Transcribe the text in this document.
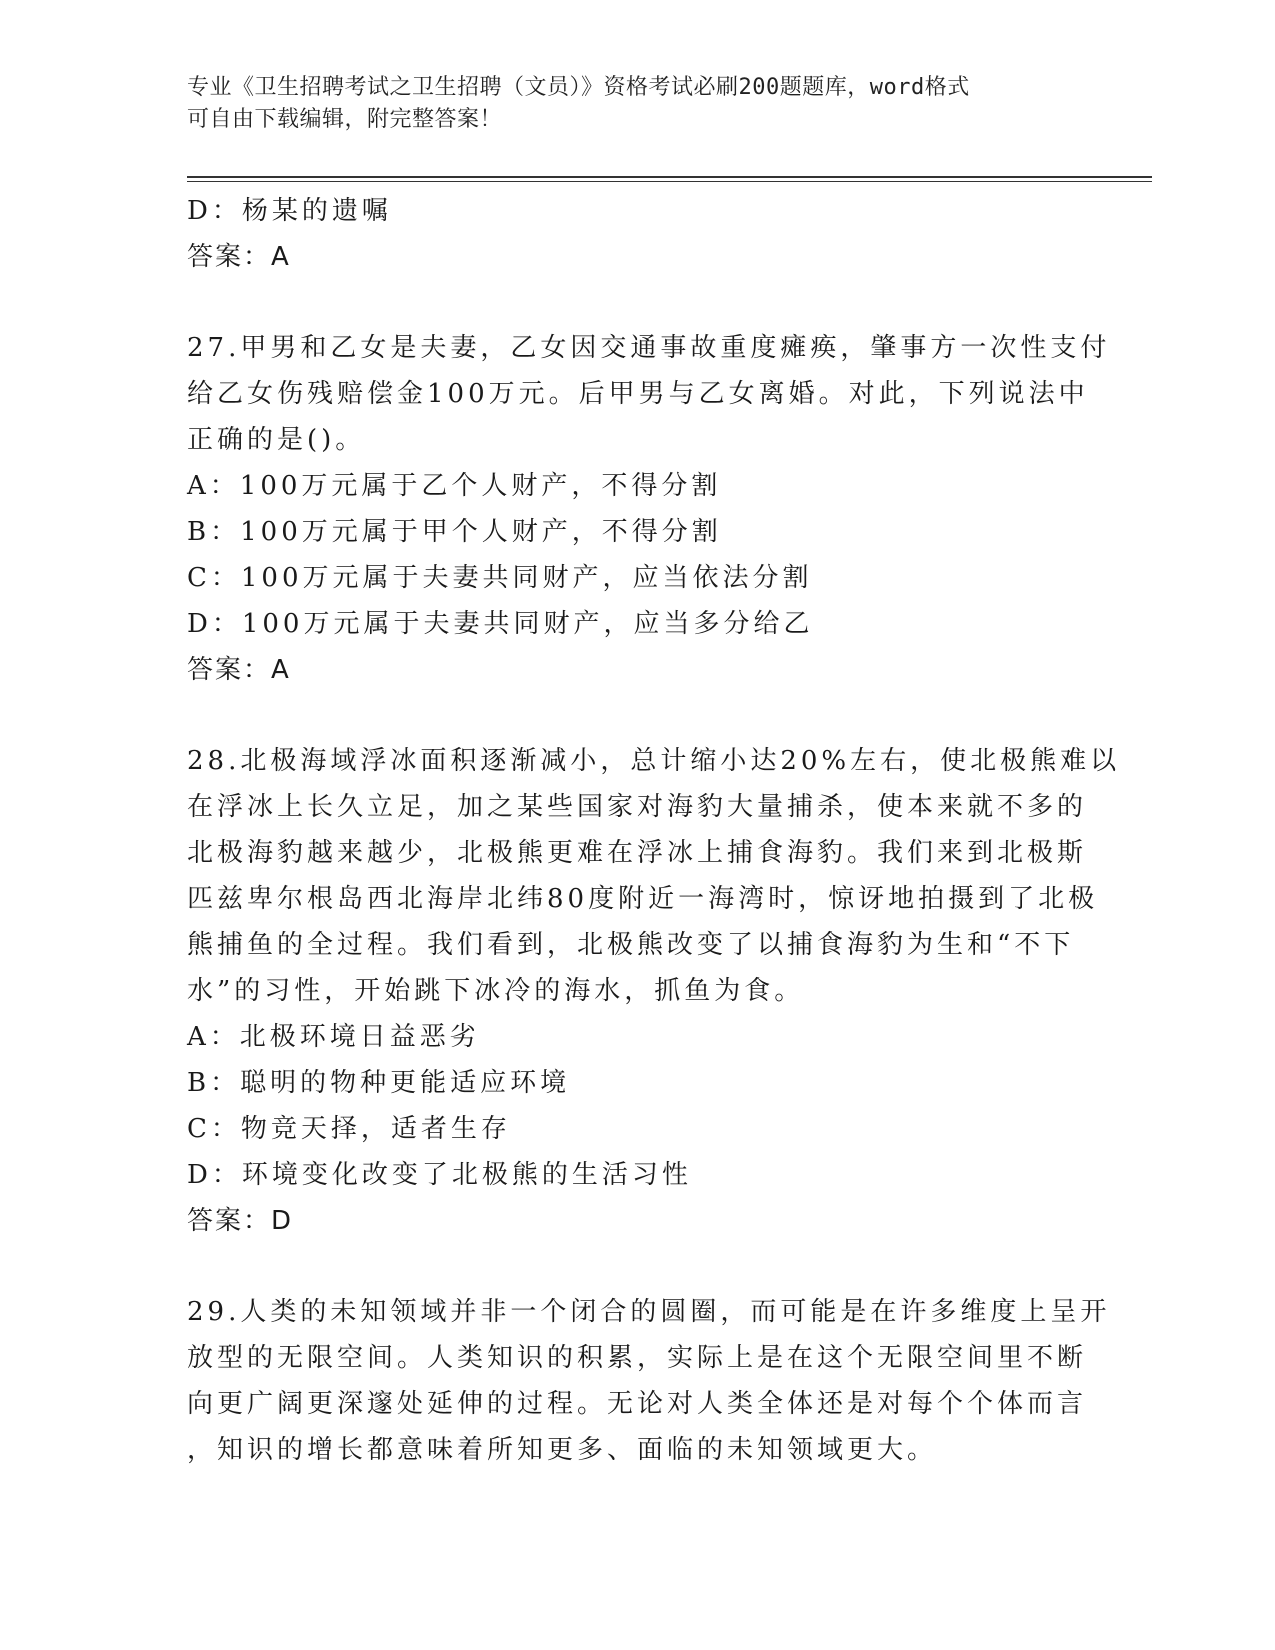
专业《卫生招聘考试之卫生招聘（文员）》资格考试必刷200题题库，word格式
可自由下载编辑，附完整答案！
D：杨某的遗嘱
答案：A
27.甲男和乙女是夫妻，乙女因交通事故重度瘫痪，肇事方一次性支付
给乙女伤残赔偿金100万元。后甲男与乙女离婚。对此，下列说法中
正确的是()。
A：100万元属于乙个人财产，不得分割
B：100万元属于甲个人财产，不得分割
C：100万元属于夫妻共同财产，应当依法分割
D：100万元属于夫妻共同财产，应当多分给乙
答案：A
28.北极海域浮冰面积逐渐减小，总计缩小达20%左右，使北极熊难以
在浮冰上长久立足，加之某些国家对海豹大量捕杀，使本来就不多的
北极海豹越来越少，北极熊更难在浮冰上捕食海豹。我们来到北极斯
匹兹卑尔根岛西北海岸北纬80度附近一海湾时，惊讶地拍摄到了北极
熊捕鱼的全过程。我们看到，北极熊改变了以捕食海豹为生和“不下
水”的习性，开始跳下冰冷的海水，抓鱼为食。
A：北极环境日益恶劣
B：聪明的物种更能适应环境
C：物竞天择，适者生存
D：环境变化改变了北极熊的生活习性
答案：D
29.人类的未知领域并非一个闭合的圆圈，而可能是在许多维度上呈开
放型的无限空间。人类知识的积累，实际上是在这个无限空间里不断
向更广阔更深邃处延伸的过程。无论对人类全体还是对每个个体而言
，知识的增长都意味着所知更多、面临的未知领域更大。
